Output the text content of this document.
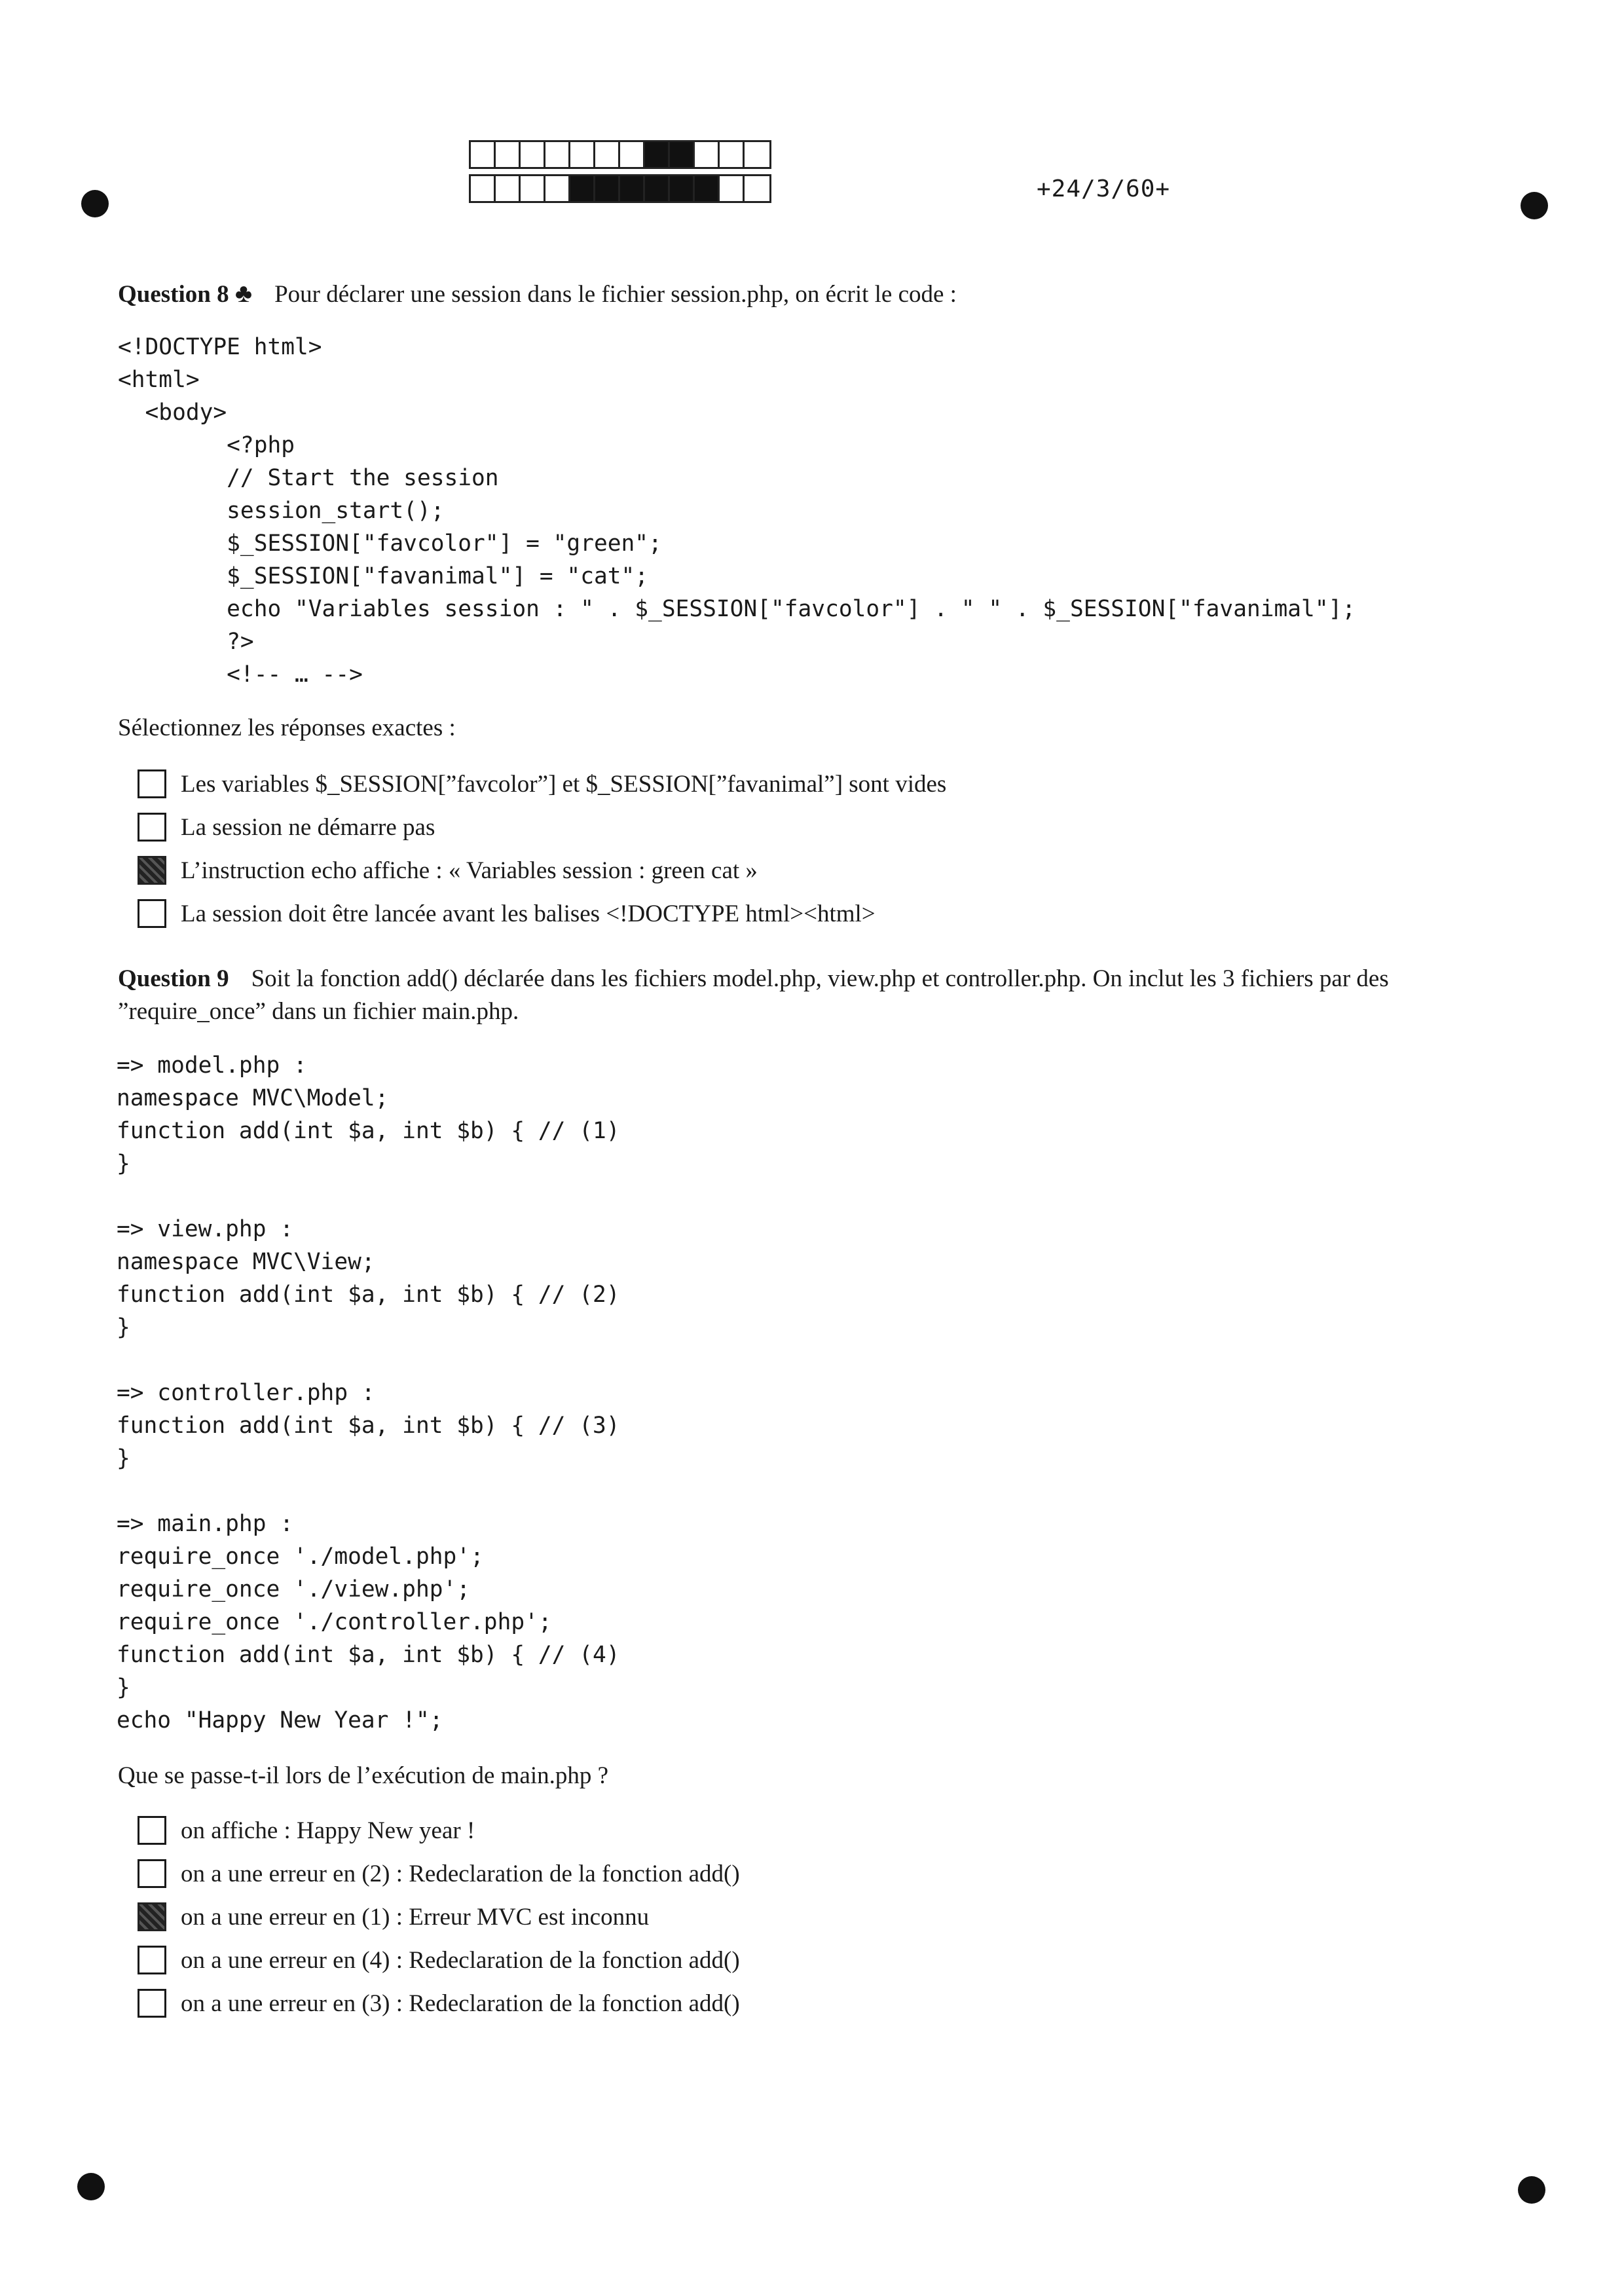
+24/3/60+
Question 8 ♣ Pour déclarer une session dans le fichier session.php, on écrit le code :
<!DOCTYPE html>
<html>
<body>
<?php
// Start the session
session_start();
$_SESSION["favcolor"] = "green";
$_SESSION["favanimal"] = "cat";
echo "Variables session : " . $_SESSION["favcolor"] . " " . $_SESSION["favanimal"];
?>
<!-- … -->
Sélectionnez les réponses exactes :
Les variables $_SESSION[”favcolor”] et $_SESSION[”favanimal”] sont vides
La session ne démarre pas
L’instruction echo affiche : « Variables session : green cat »
La session doit être lancée avant les balises <!DOCTYPE html><html>
Question 9 Soit la fonction add() déclarée dans les fichiers model.php, view.php et controller.php. On inclut les 3 fichiers par des ”require_once” dans un fichier main.php.
=> model.php :
namespace MVC\Model;
function add(int $a, int $b) { // (1)
}

=> view.php :
namespace MVC\View;
function add(int $a, int $b) { // (2)
}

=> controller.php :
function add(int $a, int $b) { // (3)
}

=> main.php :
require_once './model.php';
require_once './view.php';
require_once './controller.php';
function add(int $a, int $b) { // (4)
}
echo "Happy New Year !";
Que se passe-t-il lors de l’exécution de main.php ?
on affiche : Happy New year !
on a une erreur en (2) : Redeclaration de la fonction add()
on a une erreur en (1) : Erreur MVC est inconnu
on a une erreur en (4) : Redeclaration de la fonction add()
on a une erreur en (3) : Redeclaration de la fonction add()
